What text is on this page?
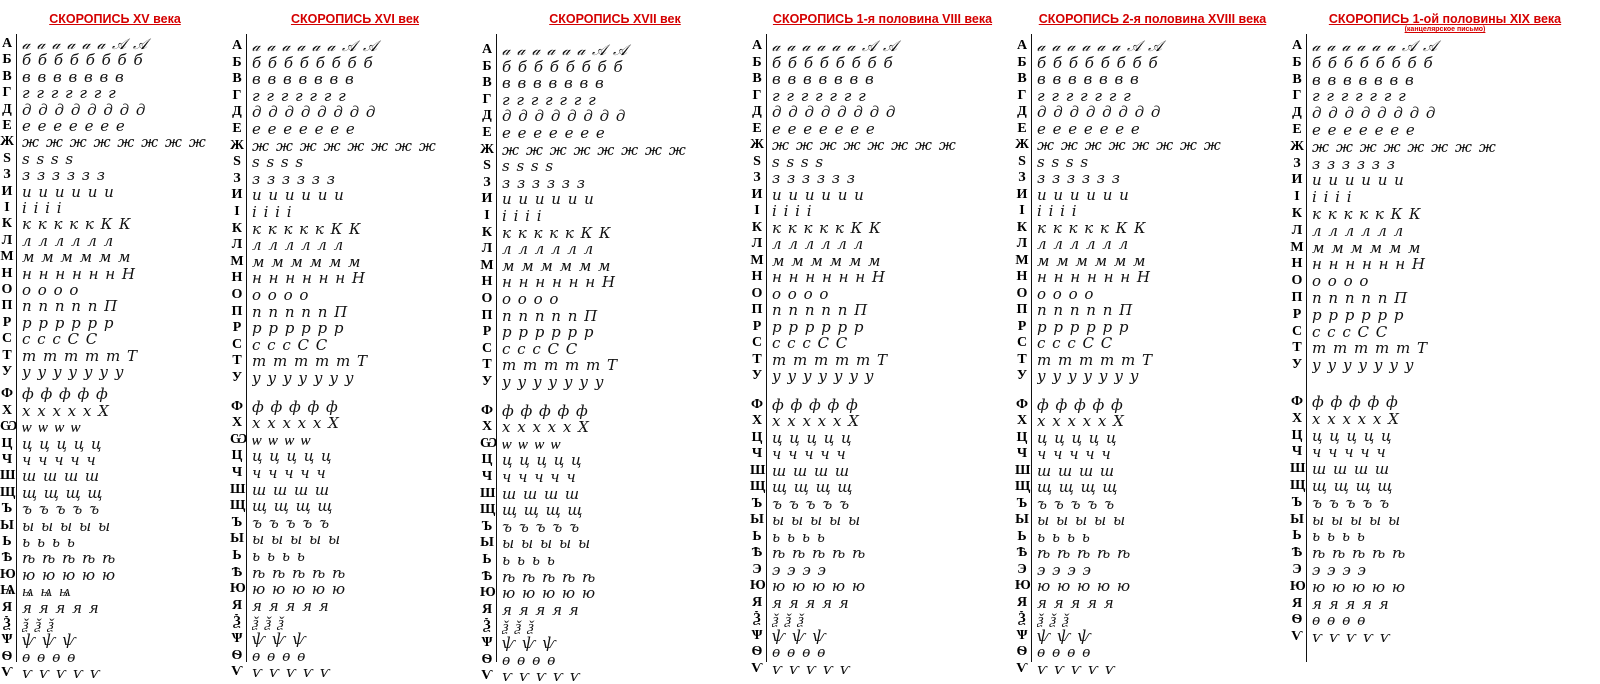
СКОРОПИСЬ XV века
А 𝒶 𝒶 𝒶 𝒶 𝒶 𝒶 𝒜 𝒜
Б б б б б б б б б
В в в в в в в в
Г г г г г г г г
Д д д д д д д д д
Е е е е е е е е
Ж ж ж ж ж ж ж ж ж
Ѕ ѕ ѕ ѕ ѕ
З з з з з з з
И и и и и и и
І і і і і
К к к к к к К К
Л л л л л л л
М м м м м м м
Н н н н н н н Н
О о о о о
П п п п п п П
Р р р р р р р
С с с с С С
Т т т т т т Т
У у у у у у у у
Ф ф ф ф ф ф
Х х х х х х Х
Ѡ ѡ ѡ ѡ ѡ
Ц ц ц ц ц ц
Ч ч ч ч ч ч
Ш ш ш ш ш
Щ щ щ щ щ
Ъ ъ ъ ъ ъ ъ
Ы ы ы ы ы ы
Ь ь ь ь ь
Ѣ ѣ ѣ ѣ ѣ ѣ
Ю ю ю ю ю ю
Ѩ ѩ ѩ ѩ
Я я я я я я
Ѯ ѯ ѯ ѯ
Ѱ ѱ ѱ ѱ
Ѳ ѳ ѳ ѳ ѳ
Ѵ ѵ ѵ ѵ ѵ ѵ
СКОРОПИСЬ XVI век
А 𝒶 𝒶 𝒶 𝒶 𝒶 𝒶 𝒜 𝒜
Б б б б б б б б б
В в в в в в в в
Г г г г г г г г
Д д д д д д д д д
Е е е е е е е е
Ж ж ж ж ж ж ж ж ж
Ѕ ѕ ѕ ѕ ѕ
З з з з з з з
И и и и и и и
І і і і і
К к к к к к К К
Л л л л л л л
М м м м м м м
Н н н н н н н Н
О о о о о
П п п п п п П
Р р р р р р р
С с с с С С
Т т т т т т Т
У у у у у у у у
Ф ф ф ф ф ф
Х х х х х х Х
Ѡ ѡ ѡ ѡ ѡ
Ц ц ц ц ц ц
Ч ч ч ч ч ч
Ш ш ш ш ш
Щ щ щ щ щ
Ъ ъ ъ ъ ъ ъ
Ы ы ы ы ы ы
Ь ь ь ь ь
Ѣ ѣ ѣ ѣ ѣ ѣ
Ю ю ю ю ю ю
Я я я я я я
Ѯ ѯ ѯ ѯ
Ѱ ѱ ѱ ѱ
Ѳ ѳ ѳ ѳ ѳ
Ѵ ѵ ѵ ѵ ѵ ѵ
СКОРОПИСЬ XVII век
А 𝒶 𝒶 𝒶 𝒶 𝒶 𝒶 𝒜 𝒜
Б б б б б б б б б
В в в в в в в в
Г г г г г г г г
Д д д д д д д д д
Е е е е е е е е
Ж ж ж ж ж ж ж ж ж
Ѕ ѕ ѕ ѕ ѕ
З з з з з з з
И и и и и и и
І і і і і
К к к к к к К К
Л л л л л л л
М м м м м м м
Н н н н н н н Н
О о о о о
П п п п п п П
Р р р р р р р
С с с с С С
Т т т т т т Т
У у у у у у у у
Ф ф ф ф ф ф
Х х х х х х Х
Ѡ ѡ ѡ ѡ ѡ
Ц ц ц ц ц ц
Ч ч ч ч ч ч
Ш ш ш ш ш
Щ щ щ щ щ
Ъ ъ ъ ъ ъ ъ
Ы ы ы ы ы ы
Ь ь ь ь ь
Ѣ ѣ ѣ ѣ ѣ ѣ
Ю ю ю ю ю ю
Я я я я я я
Ѯ ѯ ѯ ѯ
Ѱ ѱ ѱ ѱ
Ѳ ѳ ѳ ѳ ѳ
Ѵ ѵ ѵ ѵ ѵ ѵ
СКОРОПИСЬ 1-я половина VIII века
А 𝒶 𝒶 𝒶 𝒶 𝒶 𝒶 𝒜 𝒜
Б б б б б б б б б
В в в в в в в в
Г г г г г г г г
Д д д д д д д д д
Е е е е е е е е
Ж ж ж ж ж ж ж ж ж
Ѕ ѕ ѕ ѕ ѕ
З з з з з з з
И и и и и и и
І і і і і
К к к к к к К К
Л л л л л л л
М м м м м м м
Н н н н н н н Н
О о о о о
П п п п п п П
Р р р р р р р
С с с с С С
Т т т т т т Т
У у у у у у у у
Ф ф ф ф ф ф
Х х х х х х Х
Ц ц ц ц ц ц
Ч ч ч ч ч ч
Ш ш ш ш ш
Щ щ щ щ щ
Ъ ъ ъ ъ ъ ъ
Ы ы ы ы ы ы
Ь ь ь ь ь
Ѣ ѣ ѣ ѣ ѣ ѣ
Э э э э э
Ю ю ю ю ю ю
Я я я я я я
Ѯ ѯ ѯ ѯ
Ѱ ѱ ѱ ѱ
Ѳ ѳ ѳ ѳ ѳ
Ѵ ѵ ѵ ѵ ѵ ѵ
СКОРОПИСЬ 2-я половина XVIII века
А 𝒶 𝒶 𝒶 𝒶 𝒶 𝒶 𝒜 𝒜
Б б б б б б б б б
В в в в в в в в
Г г г г г г г г
Д д д д д д д д д
Е е е е е е е е
Ж ж ж ж ж ж ж ж ж
Ѕ ѕ ѕ ѕ ѕ
З з з з з з з
И и и и и и и
І і і і і
К к к к к к К К
Л л л л л л л
М м м м м м м
Н н н н н н н Н
О о о о о
П п п п п п П
Р р р р р р р
С с с с С С
Т т т т т т Т
У у у у у у у у
Ф ф ф ф ф ф
Х х х х х х Х
Ц ц ц ц ц ц
Ч ч ч ч ч ч
Ш ш ш ш ш
Щ щ щ щ щ
Ъ ъ ъ ъ ъ ъ
Ы ы ы ы ы ы
Ь ь ь ь ь
Ѣ ѣ ѣ ѣ ѣ ѣ
Э э э э э
Ю ю ю ю ю ю
Я я я я я я
Ѯ ѯ ѯ ѯ
Ѱ ѱ ѱ ѱ
Ѳ ѳ ѳ ѳ ѳ
Ѵ ѵ ѵ ѵ ѵ ѵ
СКОРОПИСЬ 1-ой половины XIX века
(канцелярское письмо)
А 𝒶 𝒶 𝒶 𝒶 𝒶 𝒶 𝒜 𝒜
Б б б б б б б б б
В в в в в в в в
Г г г г г г г г
Д д д д д д д д д
Е е е е е е е е
Ж ж ж ж ж ж ж ж ж
З з з з з з з
И и и и и и и
І і і і і
К к к к к к К К
Л л л л л л л
М м м м м м м
Н н н н н н н Н
О о о о о
П п п п п п П
Р р р р р р р
С с с с С С
Т т т т т т Т
У у у у у у у у
Ф ф ф ф ф ф
Х х х х х х Х
Ц ц ц ц ц ц
Ч ч ч ч ч ч
Ш ш ш ш ш
Щ щ щ щ щ
Ъ ъ ъ ъ ъ ъ
Ы ы ы ы ы ы
Ь ь ь ь ь
Ѣ ѣ ѣ ѣ ѣ ѣ
Э э э э э
Ю ю ю ю ю ю
Я я я я я я
Ѳ ѳ ѳ ѳ ѳ
Ѵ ѵ ѵ ѵ ѵ ѵ
